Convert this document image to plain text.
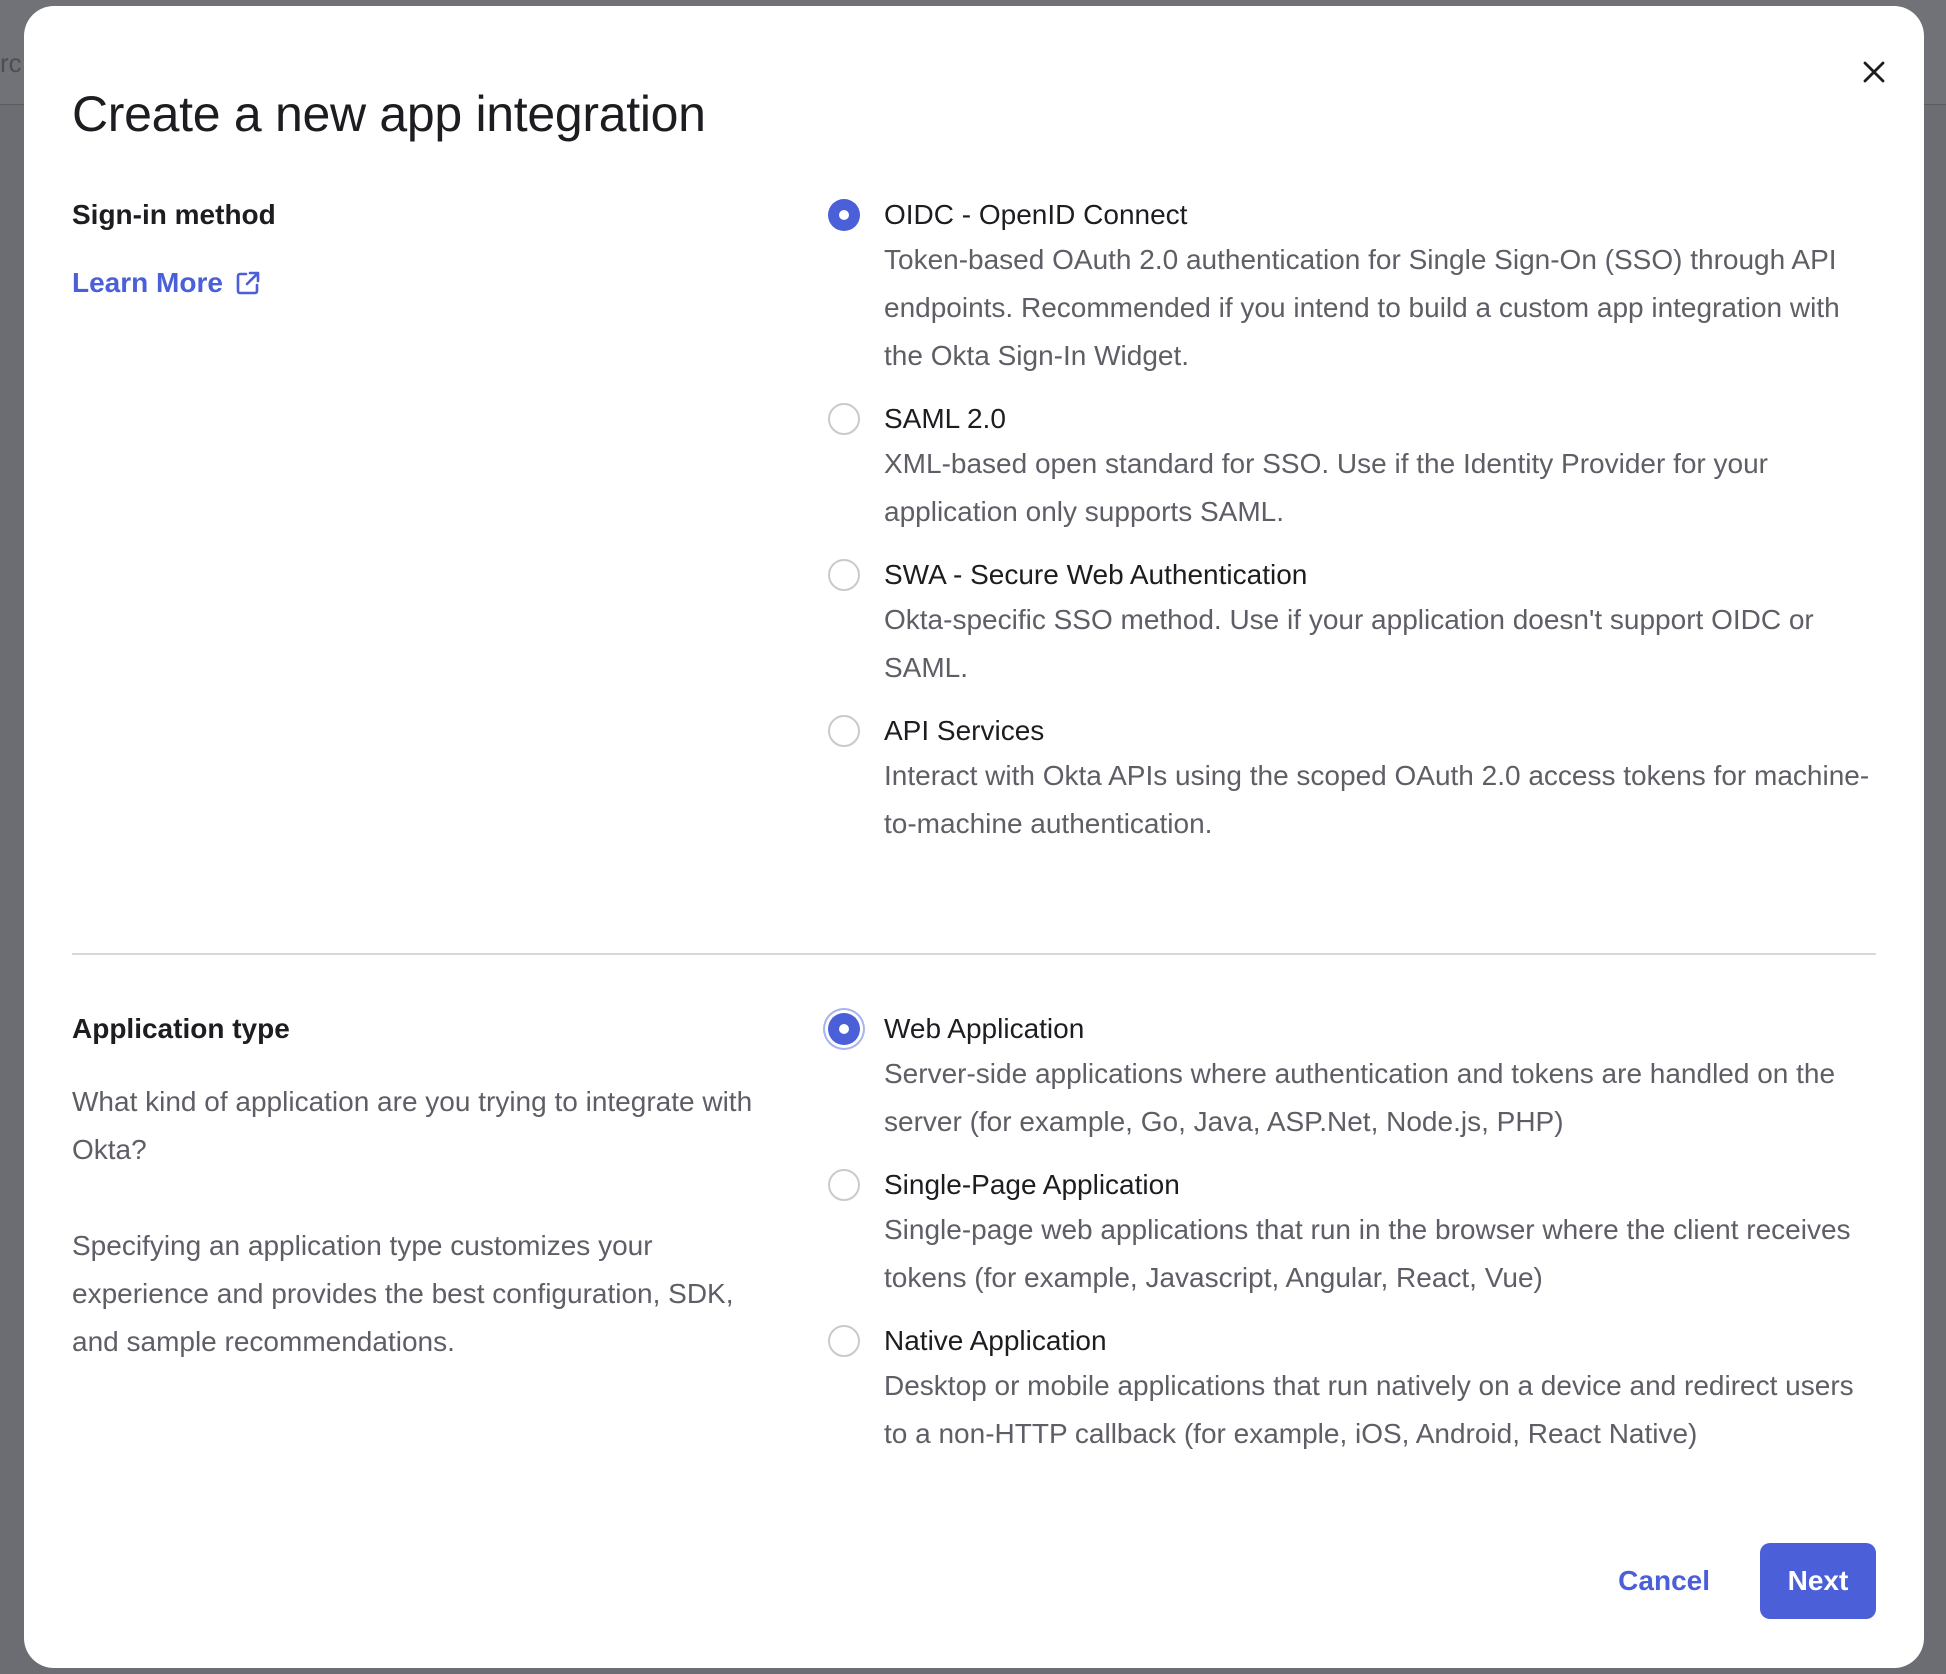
rc
Create a new app integration
Sign-in method
Learn More
OIDC - OpenID Connect
Token-based OAuth 2.0 authentication for Single Sign-On (SSO) through API endpoints. Recommended if you intend to build a custom app integration with the Okta Sign-In Widget.
SAML 2.0
XML-based open standard for SSO. Use if the Identity Provider for your application only supports SAML.
SWA - Secure Web Authentication
Okta-specific SSO method. Use if your application doesn't support OIDC or SAML.
API Services
Interact with Okta APIs using the scoped OAuth 2.0 access tokens for machine-to-machine authentication.
Application type

What kind of application are you trying to integrate with Okta?

Specifying an application type customizes your experience and provides the best configuration, SDK, and sample recommendations.

Web Application
Server-side applications where authentication and tokens are handled on the server (for example, Go, Java, ASP.Net, Node.js, PHP)
Single-Page Application
Single-page web applications that run in the browser where the client receives tokens (for example, Javascript, Angular, React, Vue)
Native Application
Desktop or mobile applications that run natively on a device and redirect users to a non-HTTP callback (for example, iOS, Android, React Native)
Cancel	Next
